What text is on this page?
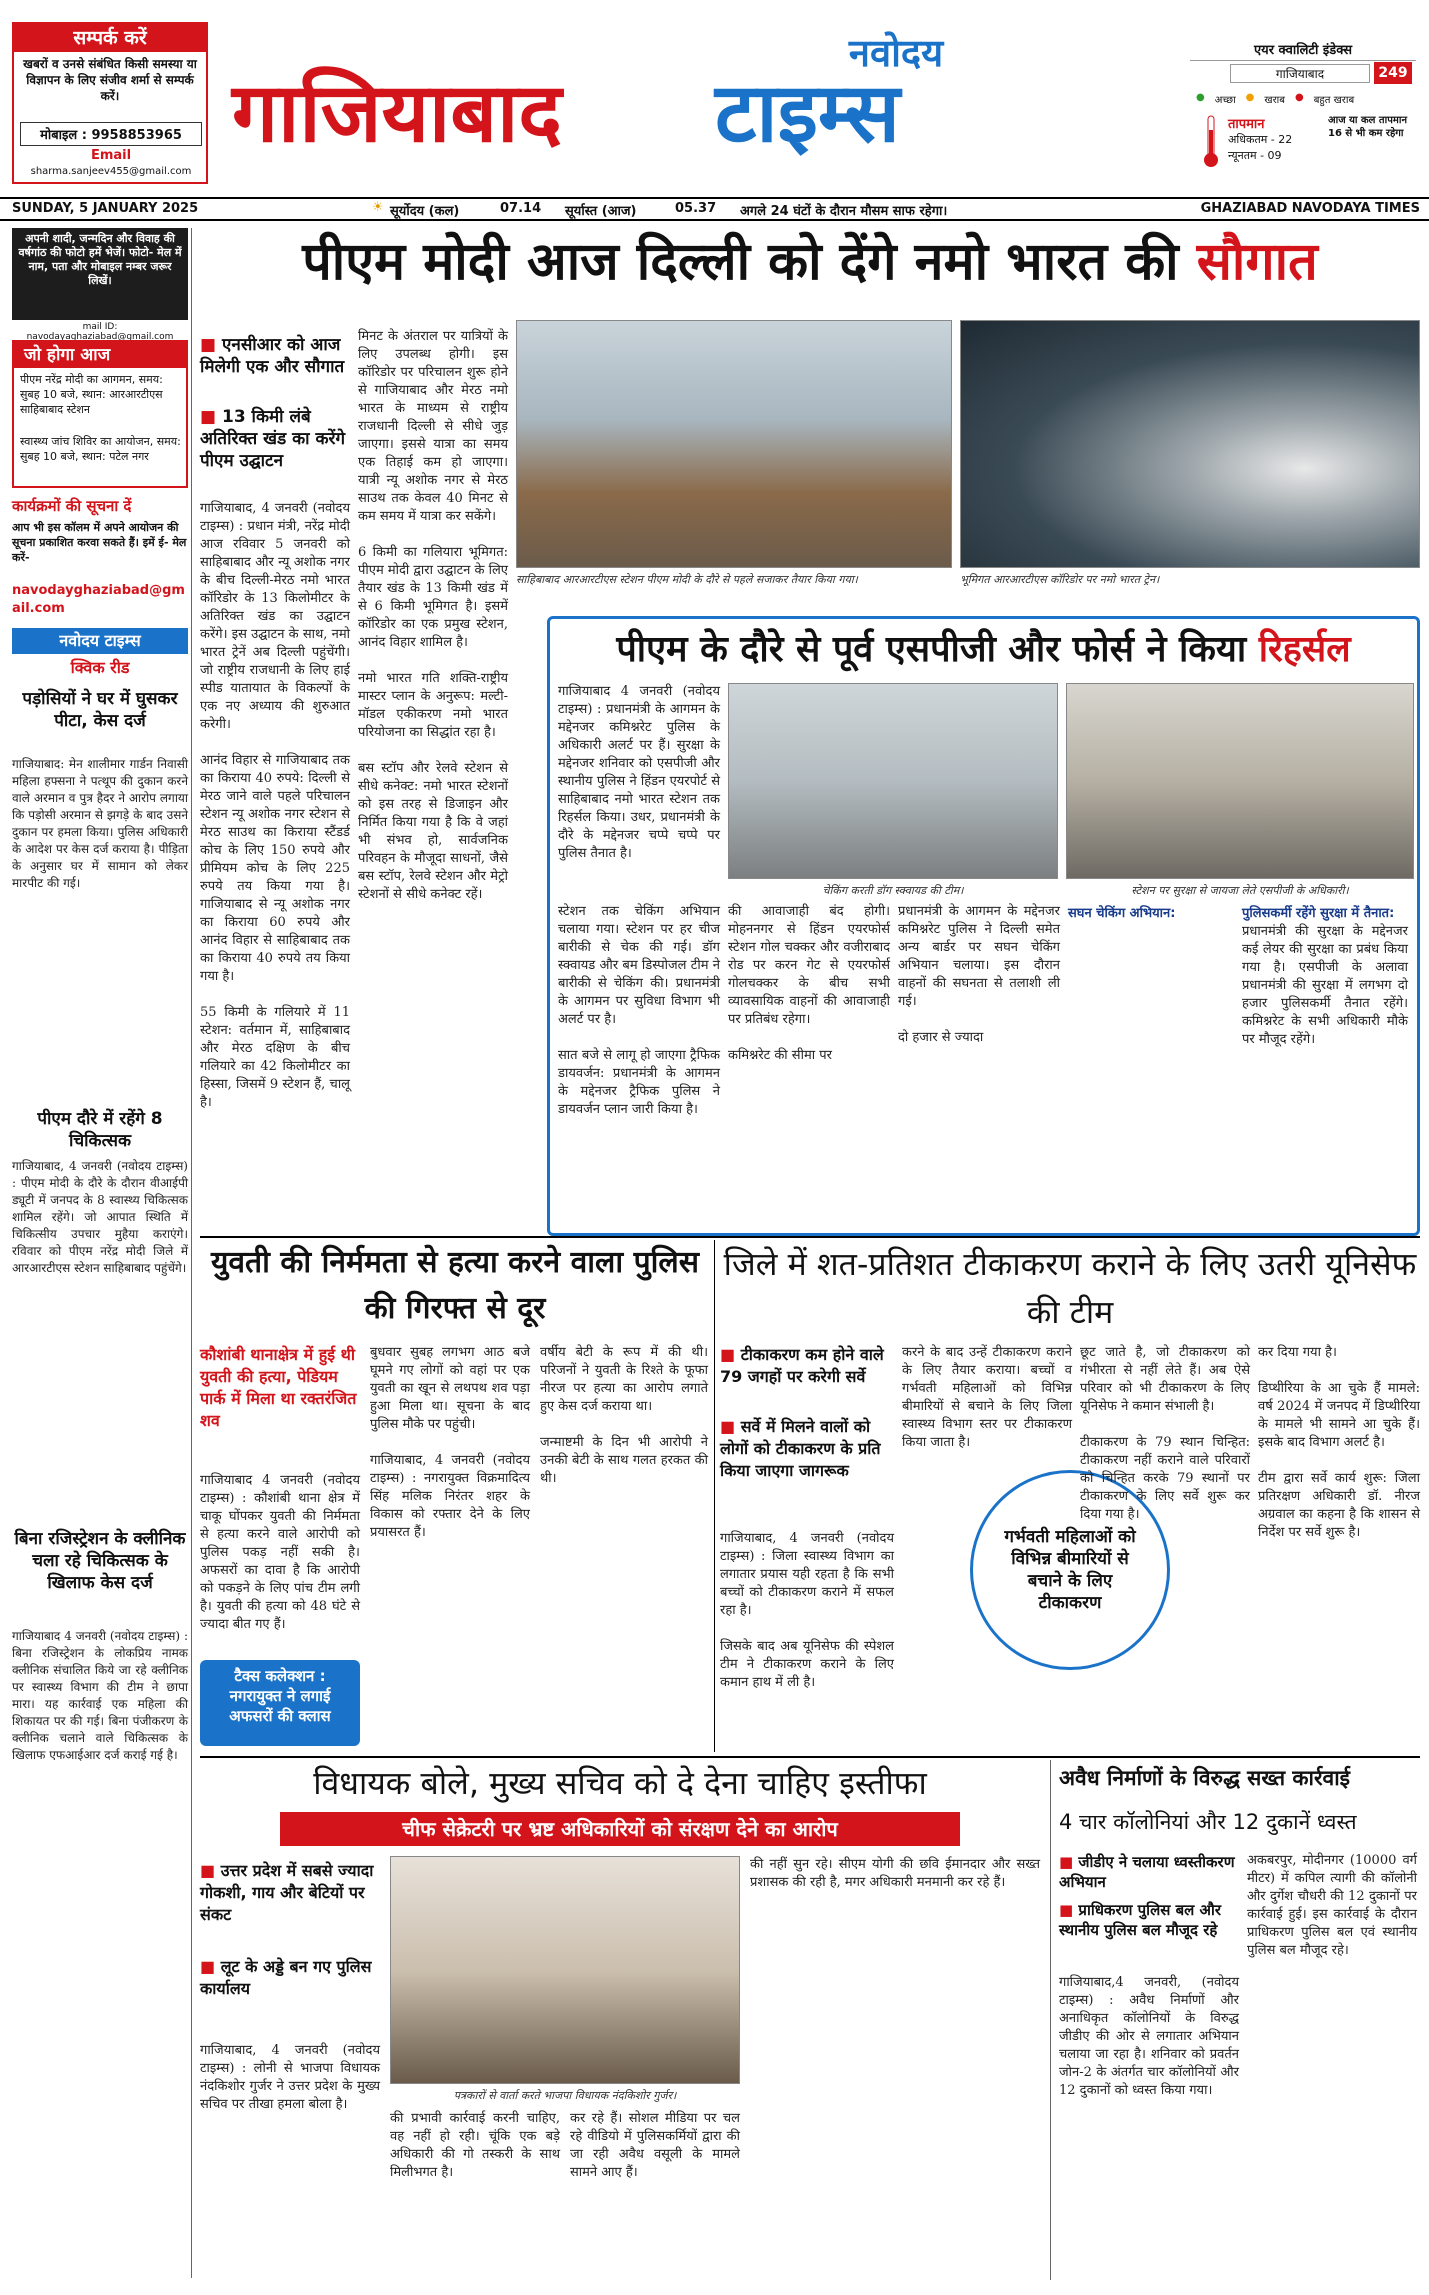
सम्पर्क करें
खबरों व उनसे संबंधित किसी समस्या या विज्ञापन के लिए संजीव शर्मा से सम्पर्क करें।
मोबाइल : 9958853965
Email
sharma.sanjeev455@gmail.com
नवोदय
गाजियाबाद	टाइम्स
एयर क्वालिटी इंडेक्स
गाजियाबाद	249
● अच्छा ● खराब ● बहुत खराब
तापमान
अधिकतम - 22
न्यूनतम - 09
आज या कल तापमान 16 से भी कम रहेगा
SUNDAY, 5 JANUARY 2025	☀ सूर्योदय (कल)	07.14	सूर्यास्त (आज)	05.37	अगले 24 घंटों के दौरान मौसम साफ रहेगा।	GHAZIABAD NAVODAYA TIMES
अपनी शादी, जन्मदिन और विवाह की वर्षगांठ की फोटो हमें भेजें। फोटो- मेल में नाम, पता और मोबाइल नम्बर जरूर लिखें।
mail ID: navodayaghaziabad@gmail.com
जो होगा आज
पीएम नरेंद्र मोदी का आगमन, समय: सुबह 10 बजे, स्थान: आरआरटीएस साहिबाबाद स्टेशन
स्वास्थ्य जांच शिविर का आयोजन, समय: सुबह 10 बजे, स्थान: पटेल नगर
कार्यक्रमों की सूचना दें
आप भी इस कॉलम में अपने आयोजन की सूचना प्रकाशित करवा सकते हैं। इमें ई- मेल करें-
navodayghaziabad@gmail.com
नवोदय टाइम्स
क्विक रीड
पड़ोसियों ने घर में घुसकर पीटा, केस दर्ज
गाजियाबाद: मेन शालीमार गार्डन निवासी महिला हफ्सना ने पत्थूप की दुकान करने वाले अरमान व पुत्र हैदर ने आरोप लगाया कि पड़ोसी अरमान से झगड़े के बाद उसने दुकान पर हमला किया। पुलिस अधिकारी के आदेश पर केस दर्ज कराया है। पीड़िता के अनुसार घर में सामान को लेकर मारपीट की गई।
पीएम दौरे में रहेंगे 8 चिकित्सक
गाजियाबाद, 4 जनवरी (नवोदय टाइम्स) : पीएम मोदी के दौरे के दौरान वीआईपी ड्यूटी में जनपद के 8 स्वास्थ्य चिकित्सक शामिल रहेंगे। जो आपात स्थिति में चिकित्सीय उपचार मुहैया कराएंगे। रविवार को पीएम नरेंद्र मोदी जिले में आरआरटीएस स्टेशन साहिबाबाद पहुंचेंगे।
बिना रजिस्ट्रेशन के क्लीनिक चला रहे चिकित्सक के खिलाफ केस दर्ज
गाजियाबाद 4 जनवरी (नवोदय टाइम्स) : बिना रजिस्ट्रेशन के लोकप्रिय नामक क्लीनिक संचालित किये जा रहे क्लीनिक पर स्वास्थ्य विभाग की टीम ने छापा मारा। यह कार्रवाई एक महिला की शिकायत पर की गई। बिना पंजीकरण के क्लीनिक चलाने वाले चिकित्सक के खिलाफ एफआईआर दर्ज कराई गई है।
पीएम मोदी आज दिल्ली को देंगे नमो भारत की सौगात
■ एनसीआर को आज मिलेगी एक और सौगात
■ 13 किमी लंबे अतिरिक्त खंड का करेंगे पीएम उद्घाटन
गाजियाबाद, 4 जनवरी (नवोदय टाइम्स) : प्रधान मंत्री, नरेंद्र मोदी आज रविवार 5 जनवरी को साहिबाबाद और न्यू अशोक नगर के बीच दिल्ली-मेरठ नमो भारत कॉरिडोर के 13 किलोमीटर के अतिरिक्त खंड का उद्घाटन करेंगे। इस उद्घाटन के साथ, नमो भारत ट्रेनें अब दिल्ली पहुंचेंगी। जो राष्ट्रीय राजधानी के लिए हाई स्पीड यातायात के विकल्पों के एक नए अध्याय की शुरुआत करेगी।

आनंद विहार से गाजियाबाद तक का किराया 40 रुपये: दिल्ली से मेरठ जाने वाले पहले परिचालन स्टेशन न्यू अशोक नगर स्टेशन से मेरठ साउथ का किराया स्टैंडर्ड कोच के लिए 150 रुपये और प्रीमियम कोच के लिए 225 रुपये तय किया गया है। गाजियाबाद से न्यू अशोक नगर का किराया 60 रुपये और आनंद विहार से साहिबाबाद तक का किराया 40 रुपये तय किया गया है।

55 किमी के गलियारे में 11 स्टेशन: वर्तमान में, साहिबाबाद और मेरठ दक्षिण के बीच गलियारे का 42 किलोमीटर का हिस्सा, जिसमें 9 स्टेशन हैं, चालू है।
मिनट के अंतराल पर यात्रियों के लिए उपलब्ध होगी। इस कॉरिडोर पर परिचालन शुरू होने से गाजियाबाद और मेरठ नमो भारत के माध्यम से राष्ट्रीय राजधानी दिल्ली से सीधे जुड़ जाएगा। इससे यात्रा का समय एक तिहाई कम हो जाएगा। यात्री न्यू अशोक नगर से मेरठ साउथ तक केवल 40 मिनट से कम समय में यात्रा कर सकेंगे।

6 किमी का गलियारा भूमिगत: पीएम मोदी द्वारा उद्घाटन के लिए तैयार खंड के 13 किमी खंड में से 6 किमी भूमिगत है। इसमें कॉरिडोर का एक प्रमुख स्टेशन, आनंद विहार शामिल है।

नमो भारत गति शक्ति-राष्ट्रीय मास्टर प्लान के अनुरूप: मल्टी-मॉडल एकीकरण नमो भारत परियोजना का सिद्धांत रहा है।

बस स्टॉप और रेलवे स्टेशन से सीधे कनेक्ट: नमो भारत स्टेशनों को इस तरह से डिजाइन और निर्मित किया गया है कि वे जहां भी संभव हो, सार्वजनिक परिवहन के मौजूदा साधनों, जैसे बस स्टॉप, रेलवे स्टेशन और मेट्रो स्टेशनों से सीधे कनेक्ट रहें।
साहिबाबाद आरआरटीएस स्टेशन पीएम मोदी के दौरे से पहले सजाकर तैयार किया गया।	भूमिगत आरआरटीएस कॉरिडोर पर नमो भारत ट्रेन।
पीएम के दौरे से पूर्व एसपीजी और फोर्स ने किया रिहर्सल
गाजियाबाद 4 जनवरी (नवोदय टाइम्स) : प्रधानमंत्री के आगमन के मद्देनजर कमिश्नरेट पुलिस के अधिकारी अलर्ट पर हैं। सुरक्षा के मद्देनजर शनिवार को एसपीजी और स्थानीय पुलिस ने हिंडन एयरपोर्ट से साहिबाबाद नमो भारत स्टेशन तक रिहर्सल किया। उधर, प्रधानमंत्री के दौरे के मद्देनजर चप्पे चप्पे पर पुलिस तैनात है।
चेकिंग करती डॉग स्क्वायड की टीम।	स्टेशन पर सुरक्षा से जायजा लेते एसपीजी के अधिकारी।
स्टेशन तक चेकिंग अभियान चलाया गया। स्टेशन पर हर चीज बारीकी से चेक की गई। डॉग स्क्वायड और बम डिस्पोजल टीम ने बारीकी से चेकिंग की। प्रधानमंत्री के आगमन पर सुविधा विभाग भी अलर्ट पर है।

सात बजे से लागू हो जाएगा ट्रैफिक डायवर्जन: प्रधानमंत्री के आगमन के मद्देनजर ट्रैफिक पुलिस ने डायवर्जन प्लान जारी किया है।
की आवाजाही बंद होगी। मोहननगर से हिंडन एयरफोर्स स्टेशन गोल चक्कर और वजीराबाद रोड पर करन गेट से एयरफोर्स गोलचक्कर के बीच सभी व्यावसायिक वाहनों की आवाजाही पर प्रतिबंध रहेगा।

कमिश्नरेट की सीमा पर
प्रधानमंत्री के आगमन के मद्देनजर कमिश्नरेट पुलिस ने दिल्ली समेत अन्य बार्डर पर सघन चेकिंग अभियान चलाया। इस दौरान वाहनों की सघनता से तलाशी ली गई।

दो हजार से ज्यादा
सघन चेकिंग अभियान:	पुलिसकर्मी रहेंगे सुरक्षा में तैनात:
प्रधानमंत्री की सुरक्षा के मद्देनजर कई लेयर की सुरक्षा का प्रबंध किया गया है। एसपीजी के अलावा प्रधानमंत्री की सुरक्षा में लगभग दो हजार पुलिसकर्मी तैनात रहेंगे। कमिश्नरेट के सभी अधिकारी मौके पर मौजूद रहेंगे।
युवती की निर्ममता से हत्या करने वाला पुलिस की गिरफ्त से दूर
कौशांबी थानाक्षेत्र में हुई थी युवती की हत्या, पेडियम पार्क में मिला था रक्तरंजित शव
गाजियाबाद 4 जनवरी (नवोदय टाइम्स) : कौशांबी थाना क्षेत्र में चाकू घोंपकर युवती की निर्ममता से हत्या करने वाले आरोपी को पुलिस पकड़ नहीं सकी है। अफसरों का दावा है कि आरोपी को पकड़ने के लिए पांच टीम लगी है। युवती की हत्या को 48 घंटे से ज्यादा बीत गए हैं।
बुधवार सुबह लगभग आठ बजे घूमने गए लोगों को वहां पर एक युवती का खून से लथपथ शव पड़ा हुआ मिला था। सूचना के बाद पुलिस मौके पर पहुंची।

गाजियाबाद, 4 जनवरी (नवोदय टाइम्स) : नगरायुक्त विक्रमादित्य सिंह मलिक निरंतर शहर के विकास को रफ्तार देने के लिए प्रयासरत हैं।
वर्षीय बेटी के रूप में की थी। परिजनों ने युवती के रिश्ते के फूफा नीरज पर हत्या का आरोप लगाते हुए केस दर्ज कराया था।

जन्माष्टमी के दिन भी आरोपी ने उनकी बेटी के साथ गलत हरकत की थी।
टैक्स कलेक्शन : नगरायुक्त ने लगाई अफसरों की क्लास
जिले में शत-प्रतिशत टीकाकरण कराने के लिए उतरी यूनिसेफ की टीम
■ टीकाकरण कम होने वाले 79 जगहों पर करेगी सर्वे
■ सर्वे में मिलने वालों को लोगों को टीकाकरण के प्रति किया जाएगा जागरूक
गाजियाबाद, 4 जनवरी (नवोदय टाइम्स) : जिला स्वास्थ्य विभाग का लगातार प्रयास यही रहता है कि सभी बच्चों को टीकाकरण कराने में सफल रहा है।

जिसके बाद अब यूनिसेफ की स्पेशल टीम ने टीकाकरण कराने के लिए कमान हाथ में ली है।
करने के बाद उन्हें टीकाकरण कराने के लिए तैयार कराया। बच्चों व गर्भवती महिलाओं को विभिन्न बीमारियों से बचाने के लिए जिला स्वास्थ्य विभाग स्तर पर टीकाकरण किया जाता है।
गर्भवती महिलाओं को विभिन्न बीमारियों से बचाने के लिए टीकाकरण
छूट जाते है, जो टीकाकरण को गंभीरता से नहीं लेते हैं। अब ऐसे परिवार को भी टीकाकरण के लिए यूनिसेफ ने कमान संभाली है।

टीकाकरण के 79 स्थान चिन्हित: टीकाकरण नहीं कराने वाले परिवारों को चिन्हित करके 79 स्थानों पर टीकाकरण के लिए सर्वे शुरू कर दिया गया है।
कर दिया गया है।

डिप्थीरिया के आ चुके हैं मामले: वर्ष 2024 में जनपद में डिप्थीरिया के मामले भी सामने आ चुके हैं। इसके बाद विभाग अलर्ट है।

टीम द्वारा सर्वे कार्य शुरू: जिला प्रतिरक्षण अधिकारी डॉ. नीरज अग्रवाल का कहना है कि शासन से निर्देश पर सर्वे शुरू है।
विधायक बोले, मुख्य सचिव को दे देना चाहिए इस्तीफा
चीफ सेक्रेटरी पर भ्रष्ट अधिकारियों को संरक्षण देने का आरोप
■ उत्तर प्रदेश में सबसे ज्यादा गोकशी, गाय और बेटियों पर संकट
■ लूट के अड्डे बन गए पुलिस कार्यालय
गाजियाबाद, 4 जनवरी (नवोदय टाइम्स) : लोनी से भाजपा विधायक नंदकिशोर गुर्जर ने उत्तर प्रदेश के मुख्य सचिव पर तीखा हमला बोला है।
पत्रकारों से वार्ता करते भाजपा विधायक नंदकिशोर गुर्जर।
की प्रभावी कार्रवाई करनी चाहिए, वह नहीं हो रही। चूंकि एक बड़े अधिकारी की गो तस्करी के साथ मिलीभगत है।
कर रहे हैं। सोशल मीडिया पर चल रहे वीडियो में पुलिसकर्मियों द्वारा की जा रही अवैध वसूली के मामले सामने आए हैं।
की नहीं सुन रहे। सीएम योगी की छवि ईमानदार और सख्त प्रशासक की रही है, मगर अधिकारी मनमानी कर रहे हैं।
अवैध निर्माणों के विरुद्ध सख्त कार्रवाई
4 चार कॉलोनियां और 12 दुकानें ध्वस्त
■ जीडीए ने चलाया ध्वस्तीकरण अभियान
■ प्राधिकरण पुलिस बल और स्थानीय पुलिस बल मौजूद रहे
गाजियाबाद,4 जनवरी, (नवोदय टाइम्स) : अवैध निर्माणों और अनाधिकृत कॉलोनियों के विरुद्ध जीडीए की ओर से लगातार अभियान चलाया जा रहा है। शनिवार को प्रवर्तन जोन-2 के अंतर्गत चार कॉलोनियों और 12 दुकानों को ध्वस्त किया गया।
अकबरपुर, मोदीनगर (10000 वर्ग मीटर) में कपिल त्यागी की कॉलोनी और दुर्गेश चौधरी की 12 दुकानों पर कार्रवाई हुई। इस कार्रवाई के दौरान प्राधिकरण पुलिस बल एवं स्थानीय पुलिस बल मौजूद रहे।
